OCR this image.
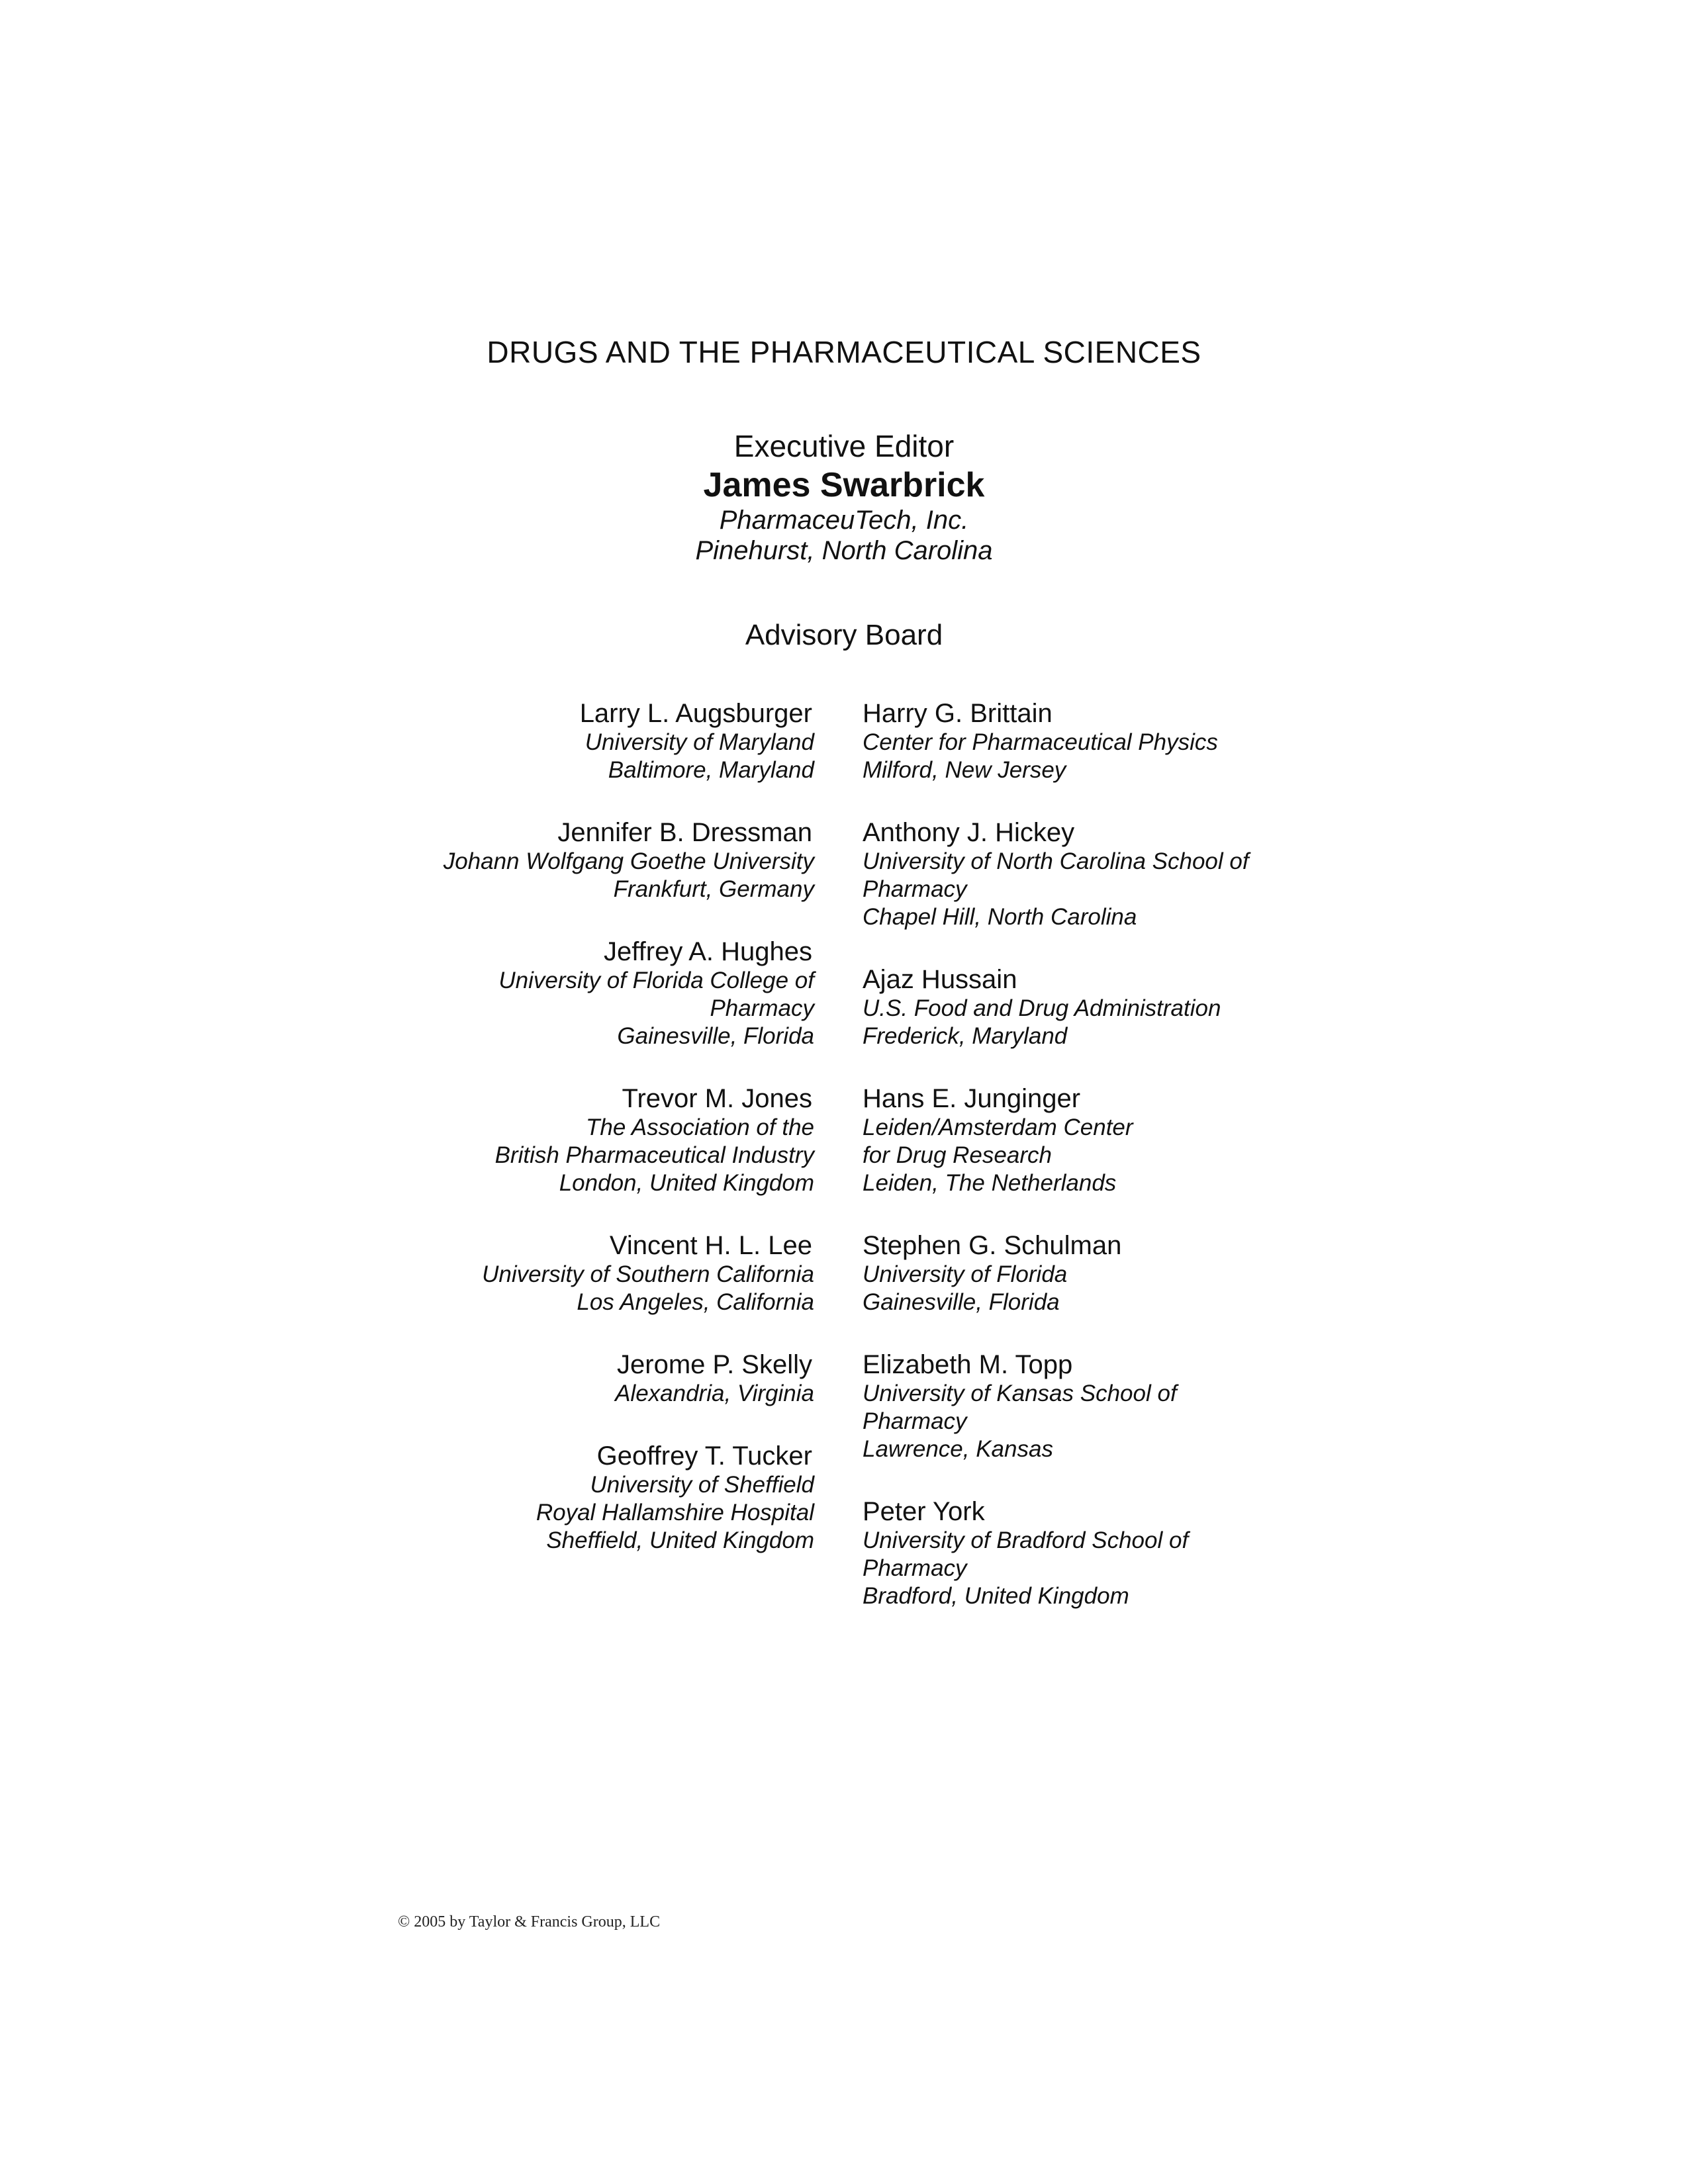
DRUGS AND THE PHARMACEUTICAL SCIENCES
Executive Editor
James Swarbrick
PharmaceuTech, Inc.
Pinehurst, North Carolina
Advisory Board
Larry L. Augsburger
University of Maryland
Baltimore, Maryland
Jennifer B. Dressman
Johann Wolfgang Goethe University
Frankfurt, Germany
Jeffrey A. Hughes
University of Florida College of
Pharmacy
Gainesville, Florida
Trevor M. Jones
The Association of the
British Pharmaceutical Industry
London, United Kingdom
Vincent H. L. Lee
University of Southern California
Los Angeles, California
Jerome P. Skelly
Alexandria, Virginia
Geoffrey T. Tucker
University of Sheffield
Royal Hallamshire Hospital
Sheffield, United Kingdom
Harry G. Brittain
Center for Pharmaceutical Physics
Milford, New Jersey
Anthony J. Hickey
University of North Carolina School of
Pharmacy
Chapel Hill, North Carolina
Ajaz Hussain
U.S. Food and Drug Administration
Frederick, Maryland
Hans E. Junginger
Leiden/Amsterdam Center
for Drug Research
Leiden, The Netherlands
Stephen G. Schulman
University of Florida
Gainesville, Florida
Elizabeth M. Topp
University of Kansas School of
Pharmacy
Lawrence, Kansas
Peter York
University of Bradford School of
Pharmacy
Bradford, United Kingdom
© 2005 by Taylor & Francis Group, LLC
